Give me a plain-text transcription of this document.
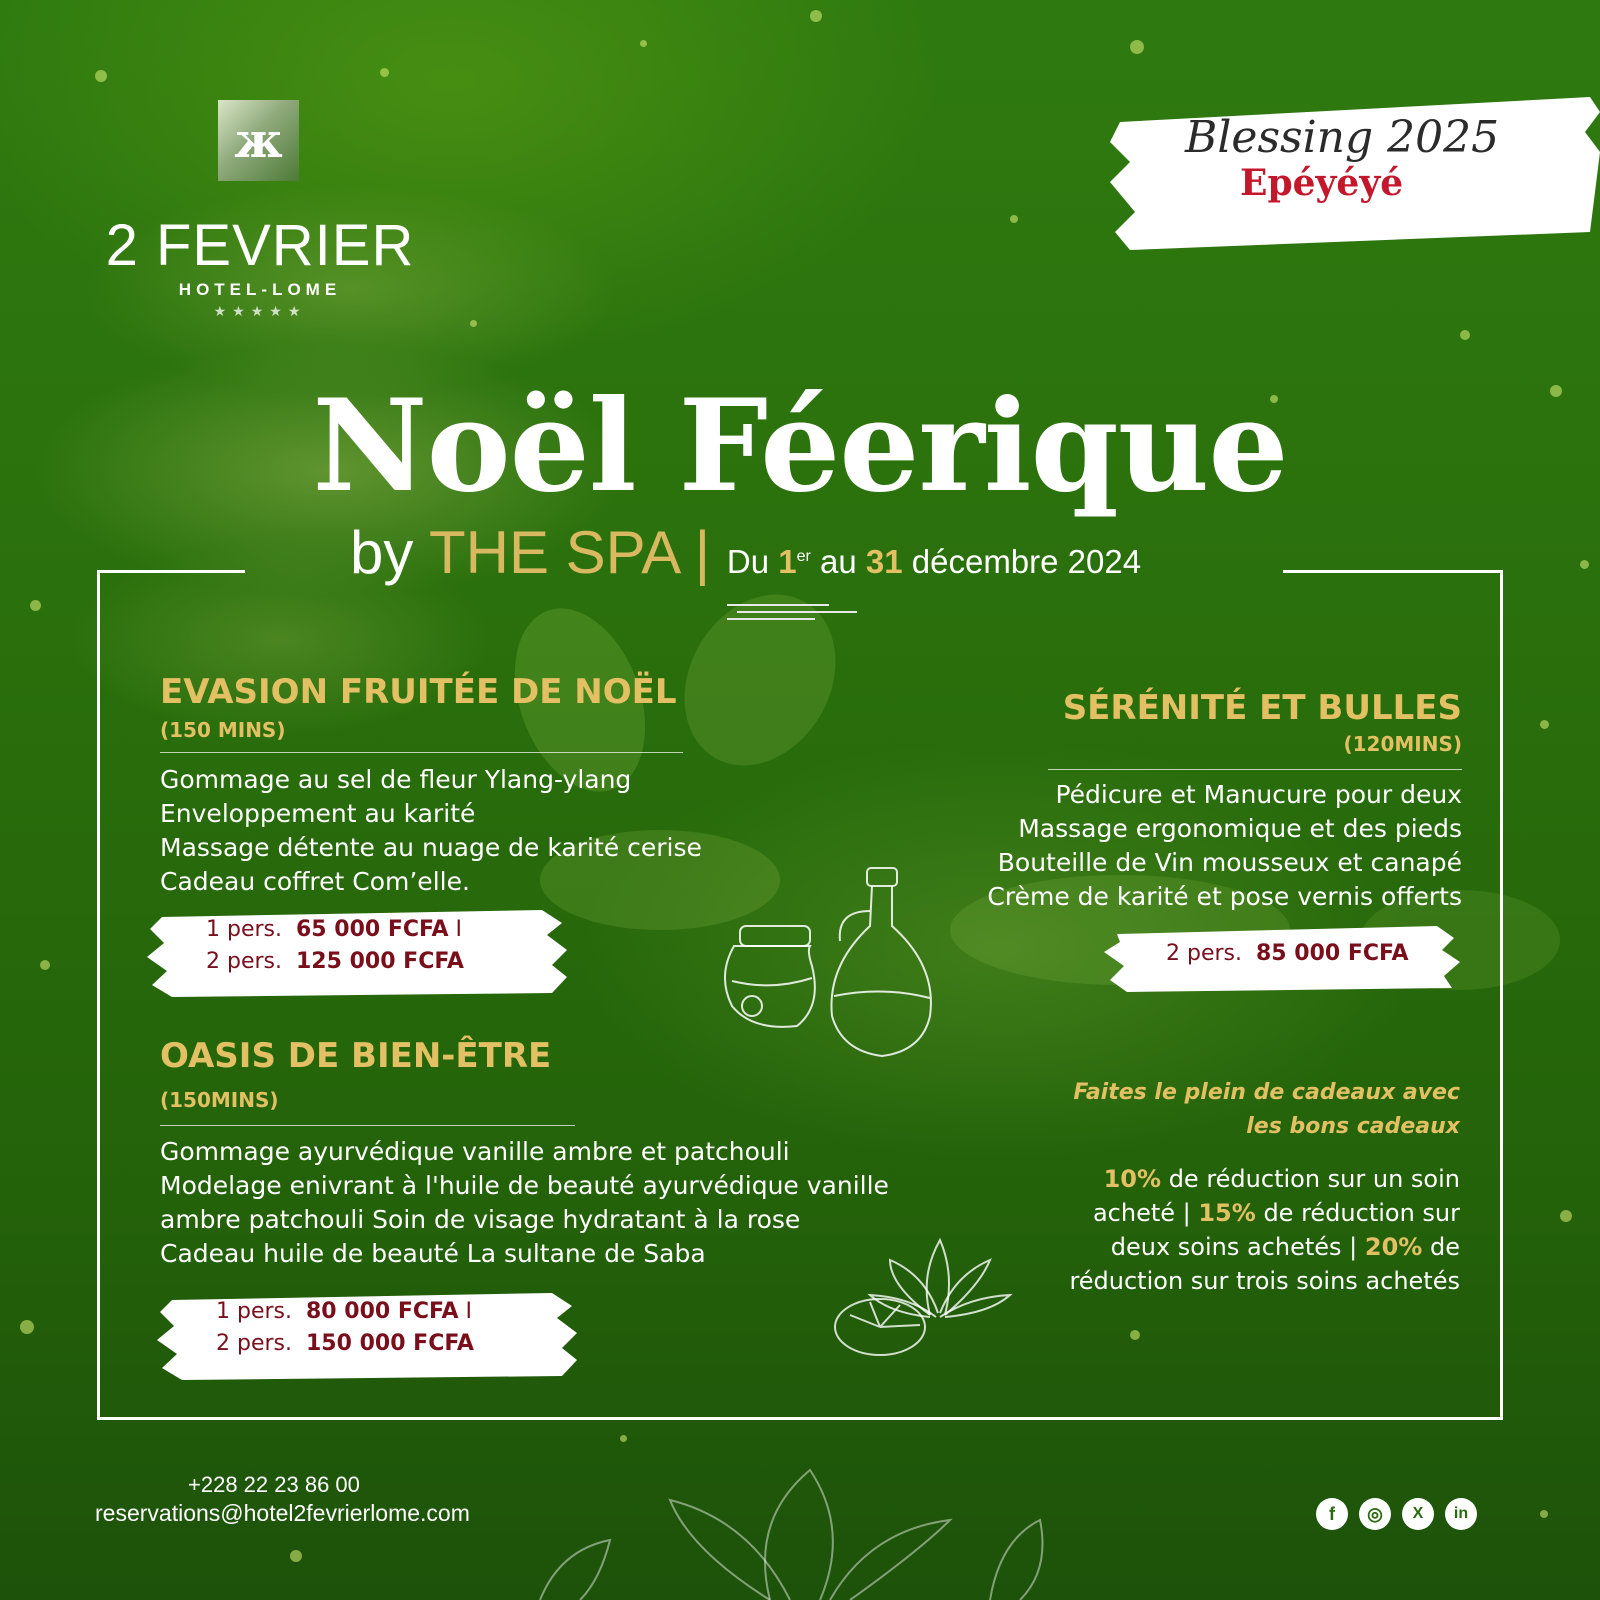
ж
2 FEVRIER
HOTEL-LOME
★★★★★
Blessing 2025
Epéyéyé
Noël Féerique
by THE SPA | Du 1er au 31 décembre 2024
EVASION FRUITÉE DE NOËL
(150 MINS)
Gommage au sel de fleur Ylang-ylang
Enveloppement au karité
Massage détente au nuage de karité cerise
Cadeau coffret Com’elle.
1 pers. 65 000 FCFA I
2 pers. 125 000 FCFA
OASIS DE BIEN-ÊTRE
(150MINS)
Gommage ayurvédique vanille ambre et patchouli
Modelage enivrant à l'huile de beauté ayurvédique vanille
ambre patchouli Soin de visage hydratant à la rose
Cadeau huile de beauté La sultane de Saba
1 pers. 80 000 FCFA I
2 pers. 150 000 FCFA
SÉRÉNITÉ ET BULLES
(120MINS)
Pédicure et Manucure pour deux
Massage ergonomique et des pieds
Bouteille de Vin mousseux et canapé
Crème de karité et pose vernis offerts
2 pers. 85 000 FCFA
Faites le plein de cadeaux avec
les bons cadeaux
10% de réduction sur un soin acheté | 15% de réduction sur deux soins achetés | 20% de réduction sur trois soins achetés
+228 22 23 86 00
reservations@hotel2fevrierlome.com	f	◎	X	in
